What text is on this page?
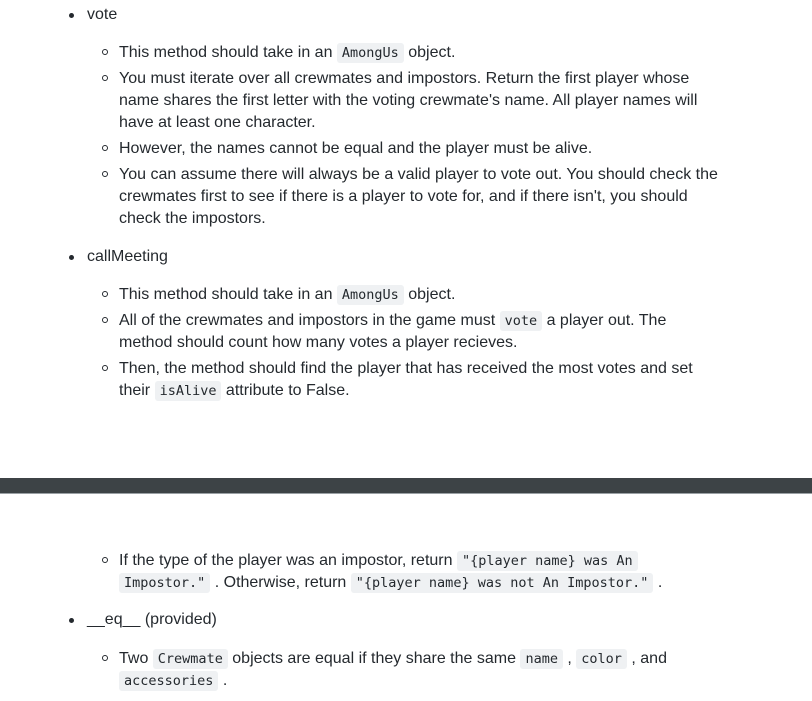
vote
This method should take in an AmongUs object.
You must iterate over all crewmates and impostors. Return the first player whose
name shares the first letter with the voting crewmate's name. All player names will
have at least one character.
However, the names cannot be equal and the player must be alive.
You can assume there will always be a valid player to vote out. You should check the
crewmates first to see if there is a player to vote for, and if there isn't, you should
check the impostors.
callMeeting
This method should take in an AmongUs object.
All of the crewmates and impostors in the game must vote a player out. The
method should count how many votes a player recieves.
Then, the method should find the player that has received the most votes and set
their isAlive attribute to False.
If the type of the player was an impostor, return "{player name} was An
Impostor." . Otherwise, return "{player name} was not An Impostor." .
__eq__ (provided)
Two Crewmate objects are equal if they share the same name , color , and
accessories .
